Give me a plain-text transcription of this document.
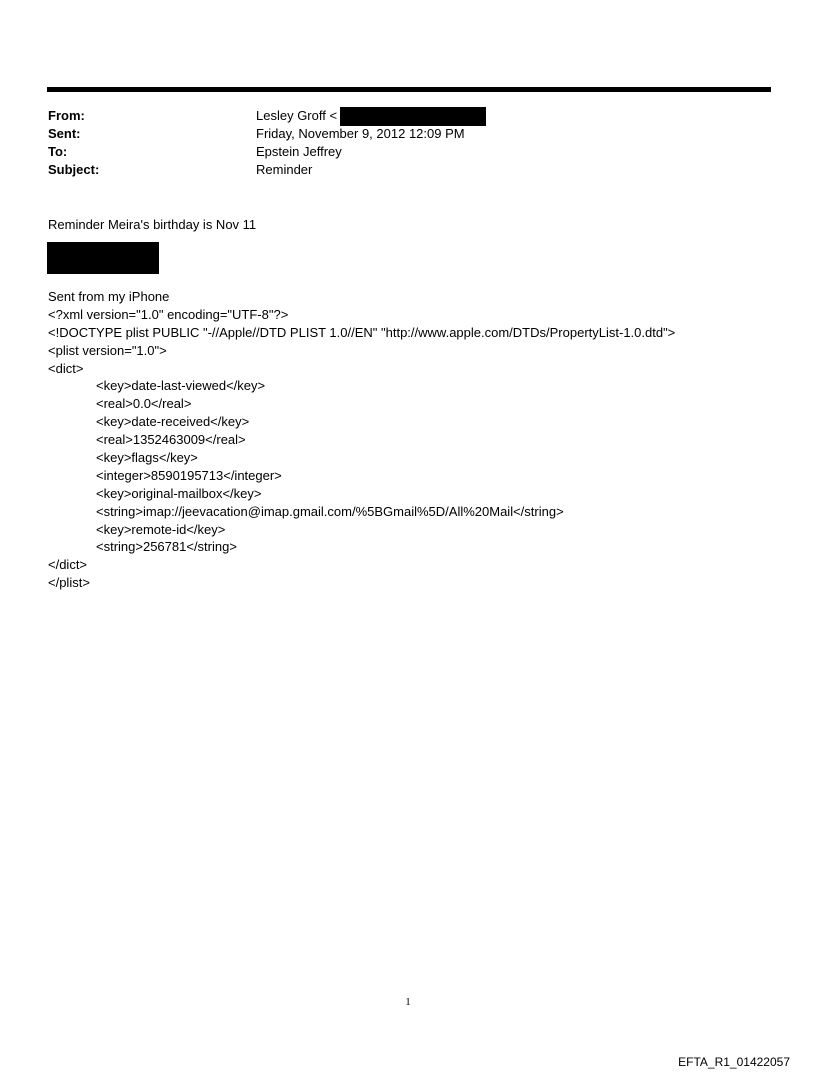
From:	Lesley Groff <
Sent:	Friday, November 9, 2012 12:09 PM
To:	Epstein Jeffrey
Subject:	Reminder
Reminder Meira's birthday is Nov 11
Sent from my iPhone
<?xml version="1.0" encoding="UTF-8"?>
<!DOCTYPE plist PUBLIC "-//Apple//DTD PLIST 1.0//EN" "http://www.apple.com/DTDs/PropertyList-1.0.dtd">
<plist version="1.0">
<dict>
<key>date-last-viewed</key>
<real>0.0</real>
<key>date-received</key>
<real>1352463009</real>
<key>flags</key>
<integer>8590195713</integer>
<key>original-mailbox</key>
<string>imap://jeevacation@imap.gmail.com/%5BGmail%5D/All%20Mail</string>
<key>remote-id</key>
<string>256781</string>
</dict>
</plist>
1
EFTA_R1_01422057
